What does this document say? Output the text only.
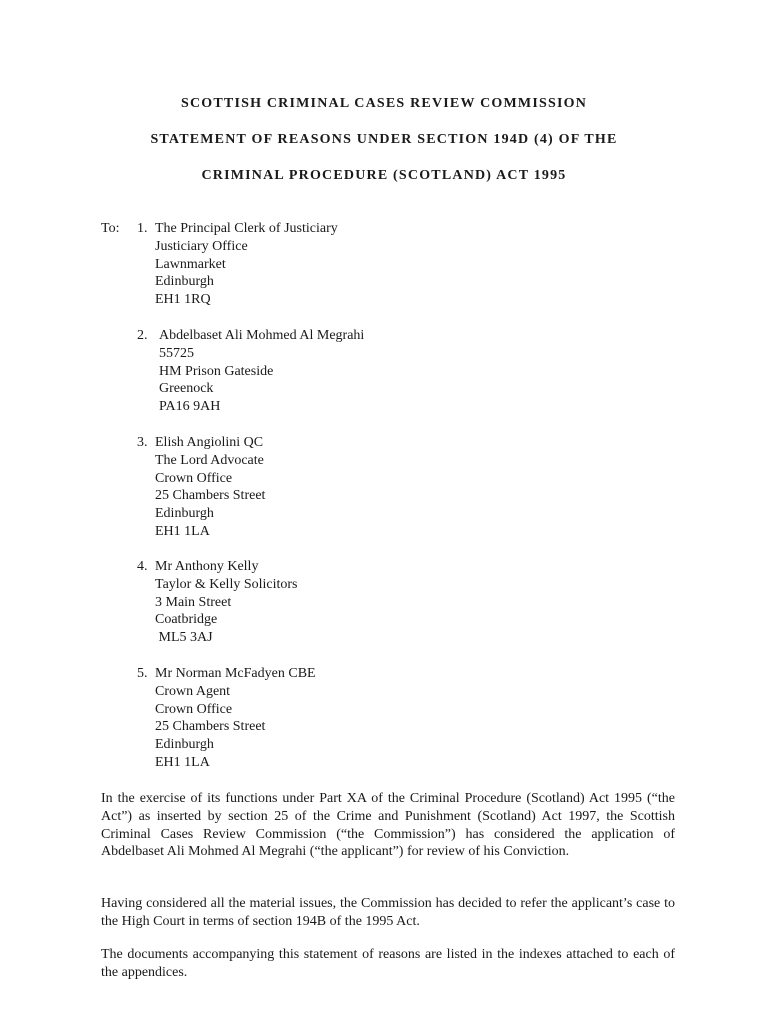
SCOTTISH CRIMINAL CASES REVIEW COMMISSION
STATEMENT OF REASONS UNDER SECTION 194D (4) OF THE
CRIMINAL PROCEDURE (SCOTLAND) ACT 1995
To: 1. The Principal Clerk of Justiciary
Justiciary Office
Lawnmarket
Edinburgh
EH1 1RQ
2. Abdelbaset Ali Mohmed Al Megrahi
55725
HM Prison Gateside
Greenock
PA16 9AH
3. Elish Angiolini QC
The Lord Advocate
Crown Office
25 Chambers Street
Edinburgh
EH1 1LA
4. Mr Anthony Kelly
Taylor & Kelly Solicitors
3 Main Street
Coatbridge
ML5 3AJ
5. Mr Norman McFadyen CBE
Crown Agent
Crown Office
25 Chambers Street
Edinburgh
EH1 1LA

In the exercise of its functions under Part XA of the Criminal Procedure (Scotland) Act 1995 (“the Act”) as inserted by section 25 of the Crime and Punishment (Scotland) Act 1997, the Scottish Criminal Cases Review Commission (“the Commission”) has considered the application of Abdelbaset Ali Mohmed Al Megrahi (“the applicant”) for review of his Conviction.

Having considered all the material issues, the Commission has decided to refer the applicant’s case to the High Court in terms of section 194B of the 1995 Act.

The documents accompanying this statement of reasons are listed in the indexes attached to each of the appendices.
